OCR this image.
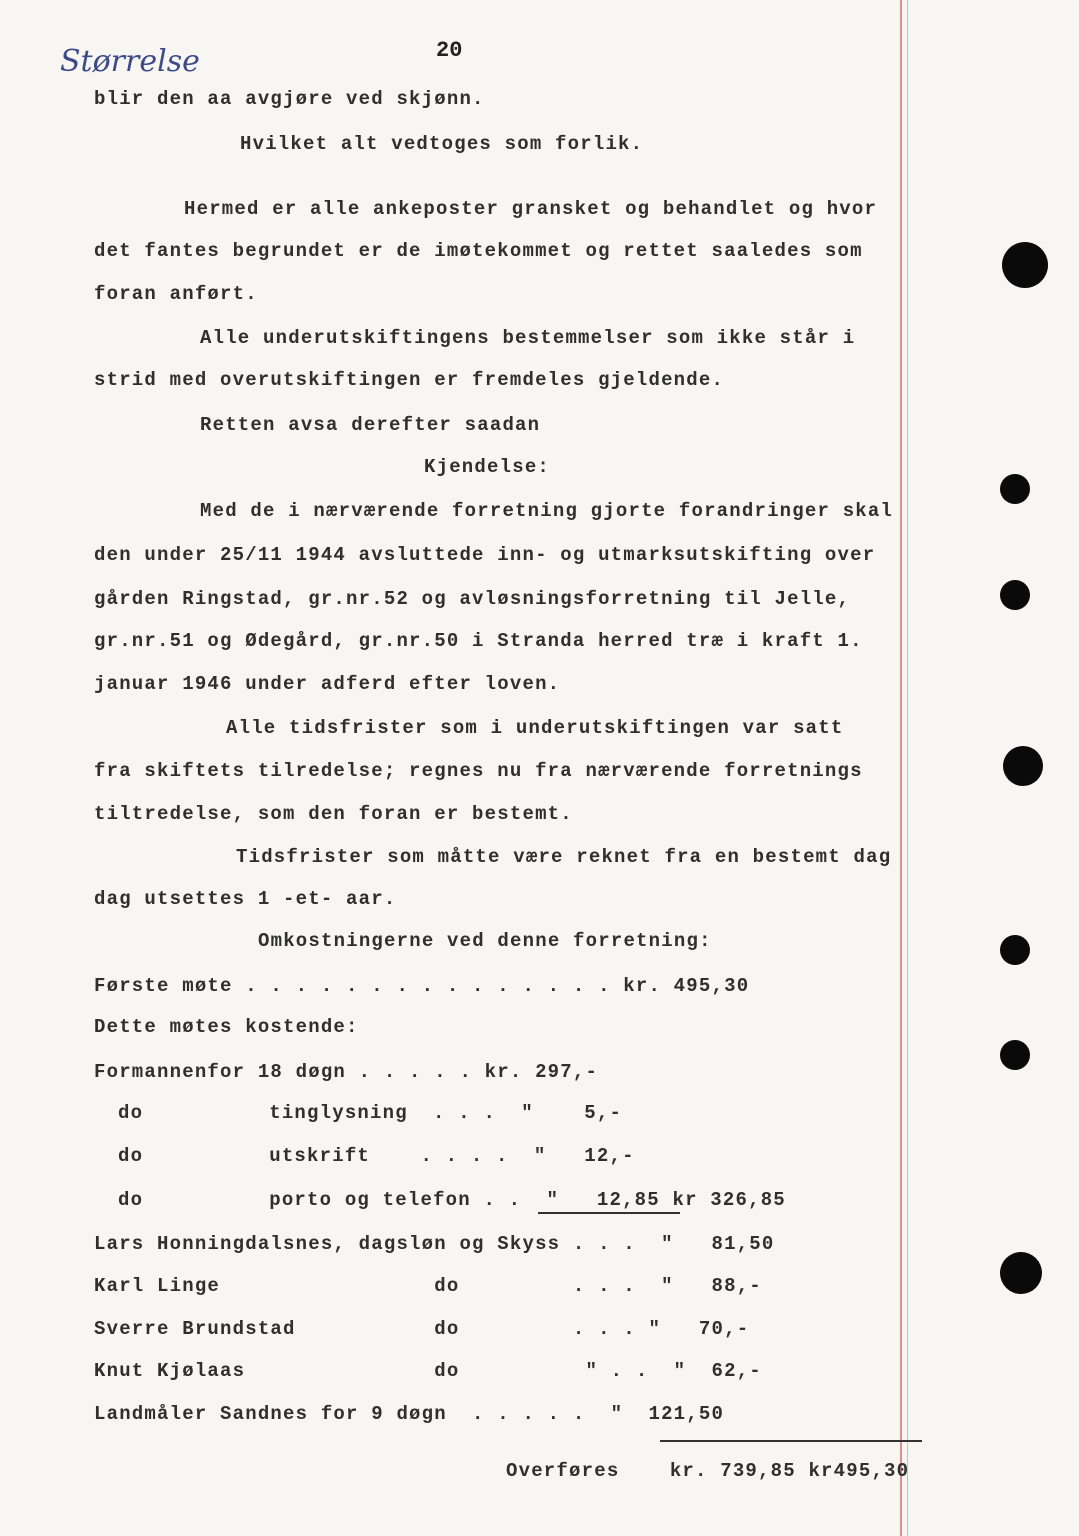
Størrelse	20
blir den aa avgjøre ved skjønn.
Hvilket alt vedtoges som forlik.
Hermed er alle ankeposter gransket og behandlet og hvor
det fantes begrundet er de imøtekommet og rettet saaledes som
foran anført.
Alle underutskiftingens bestemmelser som ikke står i
strid med overutskiftingen er fremdeles gjeldende.
Retten avsa derefter saadan
Kjendelse:
Med de i nærværende forretning gjorte forandringer skal
den under 25/11 1944 avsluttede inn- og utmarksutskifting over
gården Ringstad, gr.nr.52 og avløsningsforretning til Jelle,
gr.nr.51 og Ødegård, gr.nr.50 i Stranda herred træ i kraft 1.
januar 1946 under adferd efter loven.
Alle tidsfrister som i underutskiftingen var satt
fra skiftets tilredelse; regnes nu fra nærværende forretnings
tiltredelse, som den foran er bestemt.
Tidsfrister som måtte være reknet fra en bestemt dag
dag utsettes 1 -et- aar.
Omkostningerne ved denne forretning:
Første møte . . . . . . . . . . . . . . . kr. 495,30
Dette møtes kostende:
Formannenfor 18 døgn . . . . . kr. 297,-
do          tinglysning  . . .  "    5,-
do          utskrift    . . . .  "   12,-
do          porto og telefon . .  "   12,85 kr 326,85
Lars Honningdalsnes, dagsløn og Skyss . . .  "   81,50
Karl Linge                 do         . . .  "   88,-
Sverre Brundstad           do         . . . "   70,-
Knut Kjølaas               do          " . .  "  62,-
Landmåler Sandnes for 9 døgn  . . . . .  "  121,50
Overføres    kr. 739,85 kr495,30
